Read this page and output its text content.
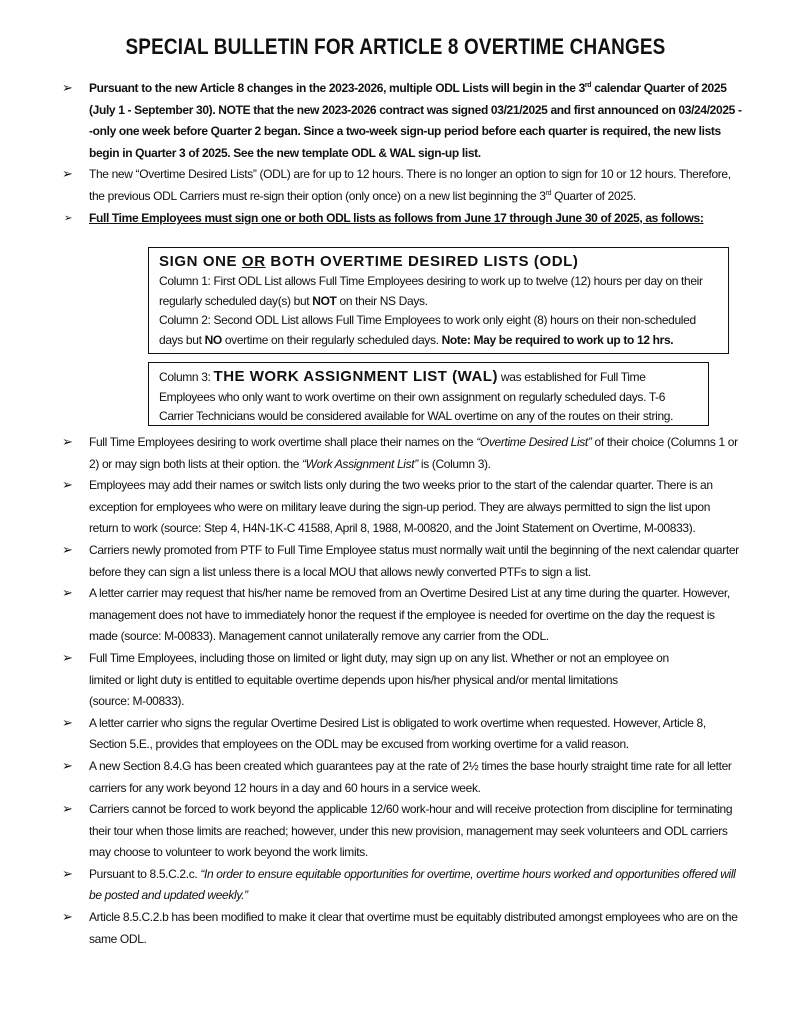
SPECIAL BULLETIN FOR ARTICLE 8 OVERTIME CHANGES
➢ Pursuant to the new Article 8 changes in the 2023-2026, multiple ODL Lists will begin in the 3rd calendar Quarter of 2025 (July 1 - September 30). NOTE that the new 2023-2026 contract was signed 03/21/2025 and first announced on 03/24/2025 --only one week before Quarter 2 began. Since a two-week sign-up period before each quarter is required, the new lists begin in Quarter 3 of 2025. See the new template ODL & WAL sign-up list.
➢ The new “Overtime Desired Lists” (ODL) are for up to 12 hours. There is no longer an option to sign for 10 or 12 hours. Therefore, the previous ODL Carriers must re-sign their option (only once) on a new list beginning the 3rd Quarter of 2025.
➢ Full Time Employees must sign one or both ODL lists as follows from June 17 through June 30 of 2025, as follows:
SIGN ONE OR BOTH OVERTIME DESIRED LISTS (ODL)
Column 1: First ODL List allows Full Time Employees desiring to work up to twelve (12) hours per day on their regularly scheduled day(s) but NOT on their NS Days.
Column 2: Second ODL List allows Full Time Employees to work only eight (8) hours on their non-scheduled days but NO overtime on their regularly scheduled days. Note: May be required to work up to 12 hrs.
Column 3: THE WORK ASSIGNMENT LIST (WAL) was established for Full Time Employees who only want to work overtime on their own assignment on regularly scheduled days. T-6 Carrier Technicians would be considered available for WAL overtime on any of the routes on their string.
➢ Full Time Employees desiring to work overtime shall place their names on the “Overtime Desired List” of their choice (Columns 1 or 2) or may sign both lists at their option. the “Work Assignment List” is (Column 3).
➢ Employees may add their names or switch lists only during the two weeks prior to the start of the calendar quarter. There is an exception for employees who were on military leave during the sign-up period. They are always permitted to sign the list upon return to work (source: Step 4, H4N-1K-C 41588, April 8, 1988, M-00820, and the Joint Statement on Overtime, M-00833).
➢ Carriers newly promoted from PTF to Full Time Employee status must normally wait until the beginning of the next calendar quarter before they can sign a list unless there is a local MOU that allows newly converted PTFs to sign a list.
➢ A letter carrier may request that his/her name be removed from an Overtime Desired List at any time during the quarter. However, management does not have to immediately honor the request if the employee is needed for overtime on the day the request is made (source: M-00833). Management cannot unilaterally remove any carrier from the ODL.
➢ Full Time Employees, including those on limited or light duty, may sign up on any list. Whether or not an employee on
limited or light duty is entitled to equitable overtime depends upon his/her physical and/or mental limitations
(source: M-00833).
➢ A letter carrier who signs the regular Overtime Desired List is obligated to work overtime when requested. However, Article 8, Section 5.E., provides that employees on the ODL may be excused from working overtime for a valid reason.
➢ A new Section 8.4.G has been created which guarantees pay at the rate of 2½ times the base hourly straight time rate for all letter carriers for any work beyond 12 hours in a day and 60 hours in a service week.
➢ Carriers cannot be forced to work beyond the applicable 12/60 work-hour and will receive protection from discipline for terminating their tour when those limits are reached; however, under this new provision, management may seek volunteers and ODL carriers may choose to volunteer to work beyond the work limits.
➢ Pursuant to 8.5.C.2.c. “In order to ensure equitable opportunities for overtime, overtime hours worked and opportunities offered will be posted and updated weekly.”
➢ Article 8.5.C.2.b has been modified to make it clear that overtime must be equitably distributed amongst employees who are on the same ODL.
